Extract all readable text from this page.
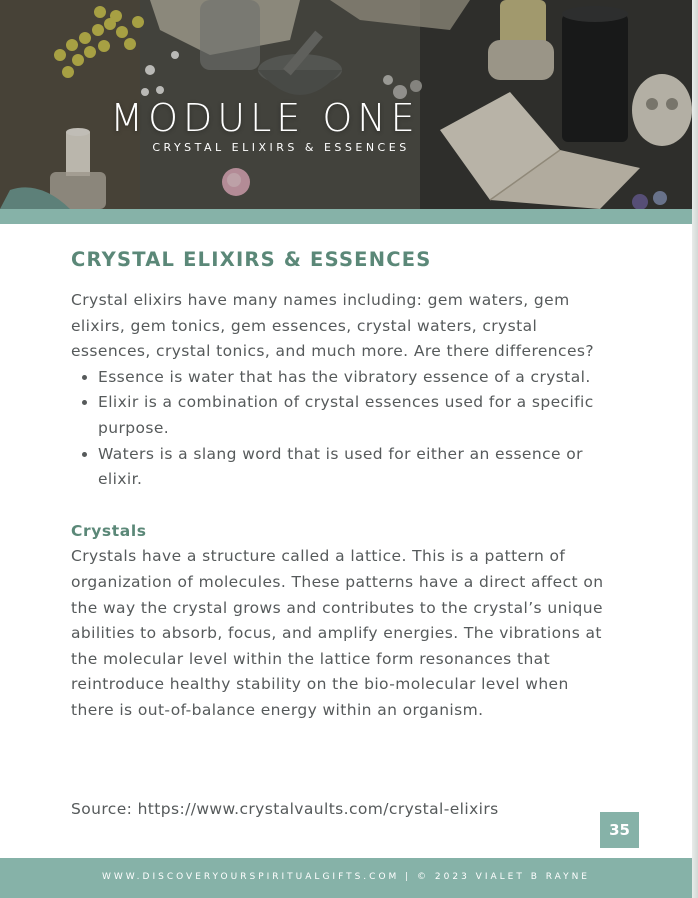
MODULE ONE
CRYSTAL ELIXIRS & ESSENCES
CRYSTAL ELIXIRS & ESSENCES

Crystal elixirs have many names including: gem waters, gem elixirs, gem tonics, gem essences, crystal waters, crystal essences, crystal tonics, and much more. Are there differences?

• Essence is water that has the vibratory essence of a crystal.
• Elixir is a combination of crystal essences used for a specific purpose.
• Waters is a slang word that is used for either an essence or elixir.
Crystals

Crystals have a structure called a lattice. This is a pattern of organization of molecules. These patterns have a direct affect on the way the crystal grows and contributes to the crystal’s unique abilities to absorb, focus, and amplify energies. The vibrations at the molecular level within the lattice form resonances that reintroduce healthy stability on the bio-molecular level when there is out-of-balance energy within an organism.

Source: https://www.crystalvaults.com/crystal-elixirs
35
WWW.DISCOVERYOURSPIRITUALGIFTS.COM | © 2023 VIALET B RAYNE
